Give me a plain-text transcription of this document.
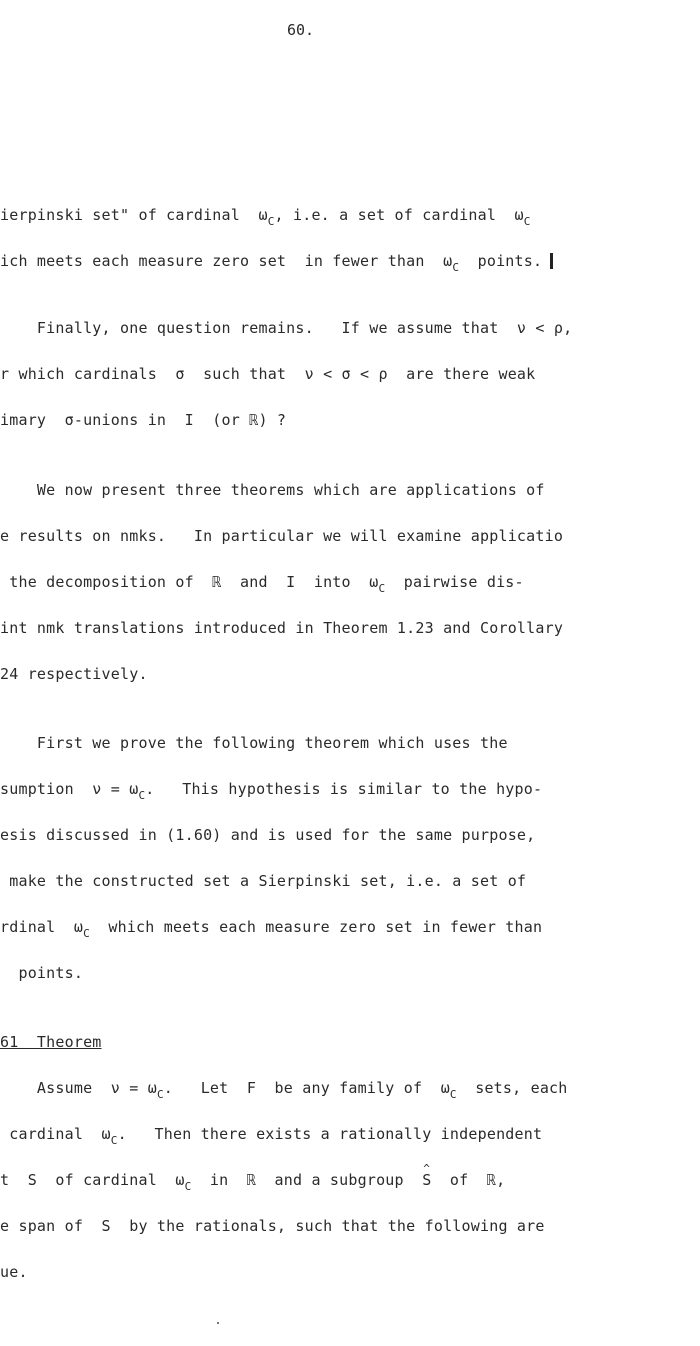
60.
ierpinski set" of cardinal  $\omega_C$, i.e. a set of cardinal  $\omega_C$
ich meets each measure zero set  in fewer than  $\omega_C$  points.
Finally, one question remains.   If we assume that  ν < ρ,
r which cardinals  σ  such that  ν < σ < ρ  are there weak
imary  σ-unions in  I  (or ℝ) ?
We now present three theorems which are applications of
e results on nmks.   In particular we will examine applicatio
the decomposition of  ℝ  and  I  into  $\omega_C$  pairwise dis-
int nmk translations introduced in Theorem 1.23 and Corollary
24 respectively.
First we prove the following theorem which uses the
sumption  $\nu = \omega_C$.   This hypothesis is similar to the hypo-
esis discussed in (1.60) and is used for the same purpose,
make the constructed set a Sierpinski set, i.e. a set of
rdinal  $\omega_C$  which meets each measure zero set in fewer than
points.
61  Theorem
Assume  $\nu = \omega_C$.   Let  F  be any family of  $\omega_C$  sets, each
cardinal  $\omega_C$.   Then there exists a rationally independent
t  S  of cardinal  $\omega_C$  in  ℝ  and a subgroup  ^ S  of  ℝ,
e span of  S  by the rationals, such that the following are
ue.
